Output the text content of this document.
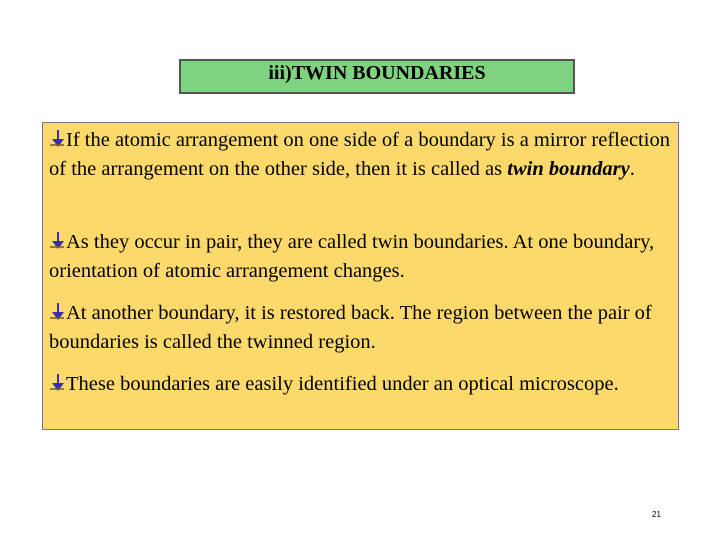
iii)TWIN BOUNDARIES
If the atomic arrangement on one side of a boundary is a mirror reflection of the arrangement on the other side, then it is called as twin boundary.
As they occur in pair, they are called twin boundaries. At one boundary, orientation of atomic arrangement changes.
At another boundary, it is restored back. The region between the pair of boundaries is called the twinned region.
These boundaries are easily identified under an optical microscope.
21
